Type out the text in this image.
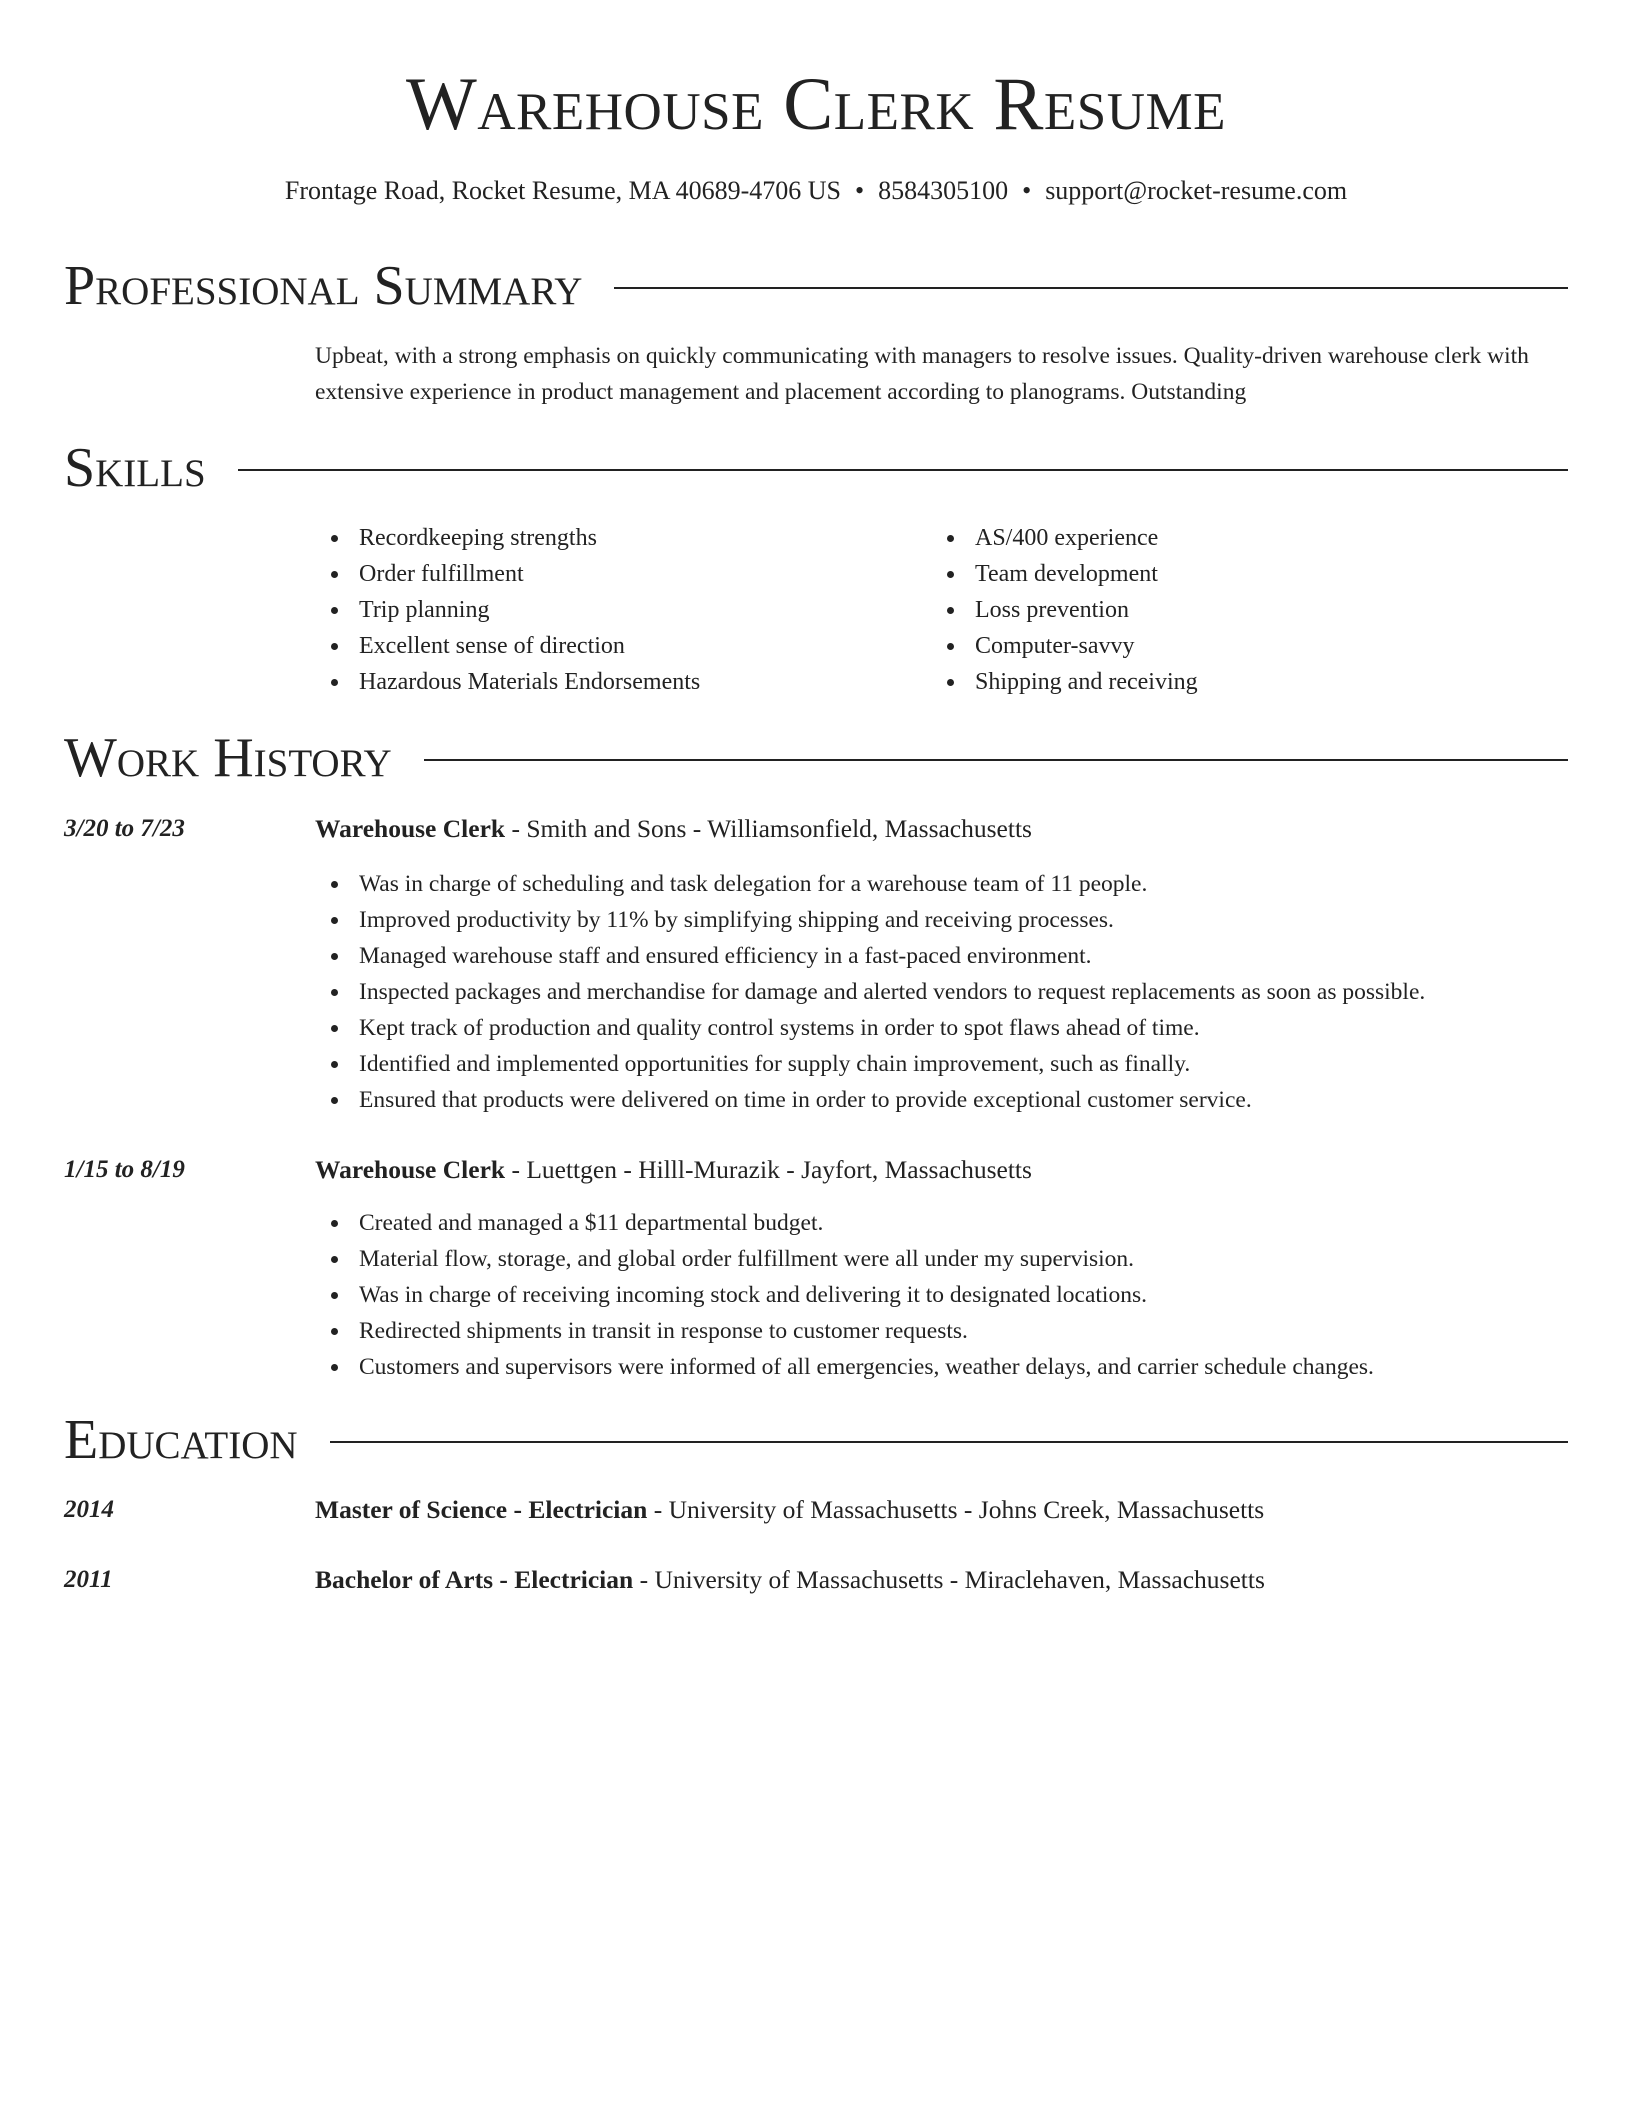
Warehouse Clerk Resume
Frontage Road, Rocket Resume, MA 40689-4706 US • 8584305100 • support@rocket-resume.com
Professional Summary

Upbeat, with a strong emphasis on quickly communicating with managers to resolve issues. Quality-driven warehouse clerk with extensive experience in product management and placement according to planograms. Outstanding

Skills
Recordkeeping strengths
Order fulfillment
Trip planning
Excellent sense of direction
Hazardous Materials Endorsements
AS/400 experience
Team development
Loss prevention
Computer-savvy
Shipping and receiving
Work History
3/20 to 7/23	Warehouse Clerk - Smith and Sons - Williamsonfield, Massachusetts
Was in charge of scheduling and task delegation for a warehouse team of 11 people.
Improved productivity by 11% by simplifying shipping and receiving processes.
Managed warehouse staff and ensured efficiency in a fast-paced environment.
Inspected packages and merchandise for damage and alerted vendors to request replacements as soon as possible.
Kept track of production and quality control systems in order to spot flaws ahead of time.
Identified and implemented opportunities for supply chain improvement, such as finally.
Ensured that products were delivered on time in order to provide exceptional customer service.
1/15 to 8/19	Warehouse Clerk - Luettgen - Hilll-Murazik - Jayfort, Massachusetts
Created and managed a $11 departmental budget.
Material flow, storage, and global order fulfillment were all under my supervision.
Was in charge of receiving incoming stock and delivering it to designated locations.
Redirected shipments in transit in response to customer requests.
Customers and supervisors were informed of all emergencies, weather delays, and carrier schedule changes.
Education
2014	Master of Science - Electrician - University of Massachusetts - Johns Creek, Massachusetts
2011	Bachelor of Arts - Electrician - University of Massachusetts - Miraclehaven, Massachusetts
